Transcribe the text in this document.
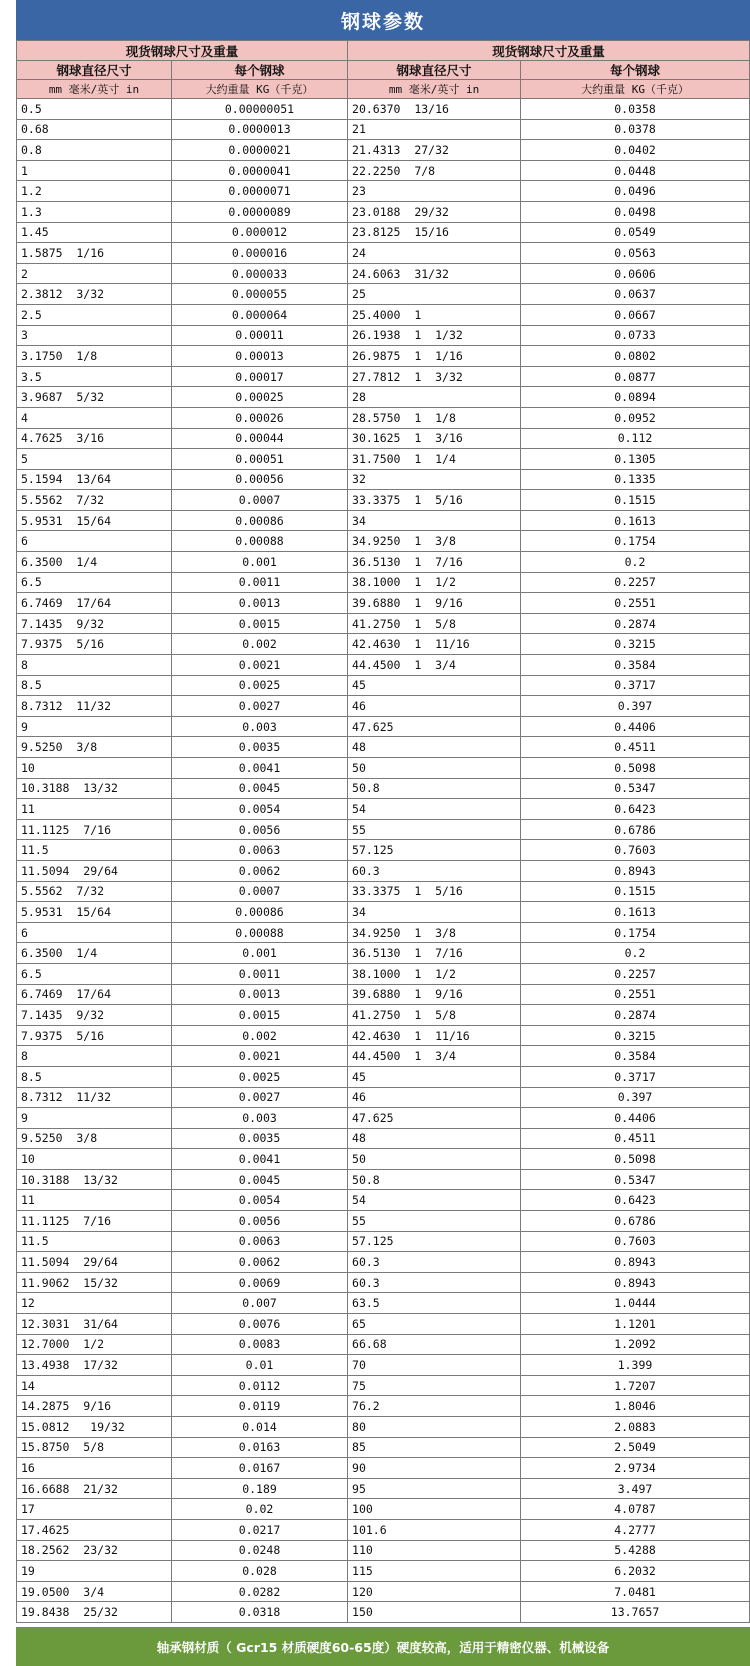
钢球参数
现货钢球尺寸及重量		现货钢球尺寸及重量	
钢球直径尺寸	每个钢球	钢球直径尺寸	每个钢球
mm 毫米/英寸 in	大约重量 KG（千克）	mm 毫米/英寸 in	大约重量 KG（千克）
0.5	0.00000051	20.6370  13/16	0.0358
0.68	0.0000013	21	0.0378
0.8	0.0000021	21.4313  27/32	0.0402
1	0.0000041	22.2250  7/8	0.0448
1.2	0.0000071	23	0.0496
1.3	0.0000089	23.0188  29/32	0.0498
1.45	0.000012	23.8125  15/16	0.0549
1.5875  1/16	0.000016	24	0.0563
2	0.000033	24.6063  31/32	0.0606
2.3812  3/32	0.000055	25	0.0637
2.5	0.000064	25.4000  1	0.0667
3	0.00011	26.1938  1  1/32	0.0733
3.1750  1/8	0.00013	26.9875  1  1/16	0.0802
3.5	0.00017	27.7812  1  3/32	0.0877
3.9687  5/32	0.00025	28	0.0894
4	0.00026	28.5750  1  1/8	0.0952
4.7625  3/16	0.00044	30.1625  1  3/16	0.112
5	0.00051	31.7500  1  1/4	0.1305
5.1594  13/64	0.00056	32	0.1335
5.5562  7/32	0.0007	33.3375  1  5/16	0.1515
5.9531  15/64	0.00086	34	0.1613
6	0.00088	34.9250  1  3/8	0.1754
6.3500  1/4	0.001	36.5130  1  7/16	0.2
6.5	0.0011	38.1000  1  1/2	0.2257
6.7469  17/64	0.0013	39.6880  1  9/16	0.2551
7.1435  9/32	0.0015	41.2750  1  5/8	0.2874
7.9375  5/16	0.002	42.4630  1  11/16	0.3215
8	0.0021	44.4500  1  3/4	0.3584
8.5	0.0025	45	0.3717
8.7312  11/32	0.0027	46	0.397
9	0.003	47.625	0.4406
9.5250  3/8	0.0035	48	0.4511
10	0.0041	50	0.5098
10.3188  13/32	0.0045	50.8	0.5347
11	0.0054	54	0.6423
11.1125  7/16	0.0056	55	0.6786
11.5	0.0063	57.125	0.7603
11.5094  29/64	0.0062	60.3	0.8943
5.5562  7/32	0.0007	33.3375  1  5/16	0.1515
5.9531  15/64	0.00086	34	0.1613
6	0.00088	34.9250  1  3/8	0.1754
6.3500  1/4	0.001	36.5130  1  7/16	0.2
6.5	0.0011	38.1000  1  1/2	0.2257
6.7469  17/64	0.0013	39.6880  1  9/16	0.2551
7.1435  9/32	0.0015	41.2750  1  5/8	0.2874
7.9375  5/16	0.002	42.4630  1  11/16	0.3215
8	0.0021	44.4500  1  3/4	0.3584
8.5	0.0025	45	0.3717
8.7312  11/32	0.0027	46	0.397
9	0.003	47.625	0.4406
9.5250  3/8	0.0035	48	0.4511
10	0.0041	50	0.5098
10.3188  13/32	0.0045	50.8	0.5347
11	0.0054	54	0.6423
11.1125  7/16	0.0056	55	0.6786
11.5	0.0063	57.125	0.7603
11.5094  29/64	0.0062	60.3	0.8943
11.9062  15/32	0.0069	60.3	0.8943
12	0.007	63.5	1.0444
12.3031  31/64	0.0076	65	1.1201
12.7000  1/2	0.0083	66.68	1.2092
13.4938  17/32	0.01	70	1.399
14	0.0112	75	1.7207
14.2875  9/16	0.0119	76.2	1.8046
15.0812   19/32	0.014	80	2.0883
15.8750  5/8	0.0163	85	2.5049
16	0.0167	90	2.9734
16.6688  21/32	0.189	95	3.497
17	0.02	100	4.0787
17.4625	0.0217	101.6	4.2777
18.2562  23/32	0.0248	110	5.4288
19	0.028	115	6.2032
19.0500  3/4	0.0282	120	7.0481
19.8438  25/32	0.0318	150	13.7657
轴承钢材质（ Gcr15 材质硬度60-65度）硬度较高，适用于精密仪器、机械设备
